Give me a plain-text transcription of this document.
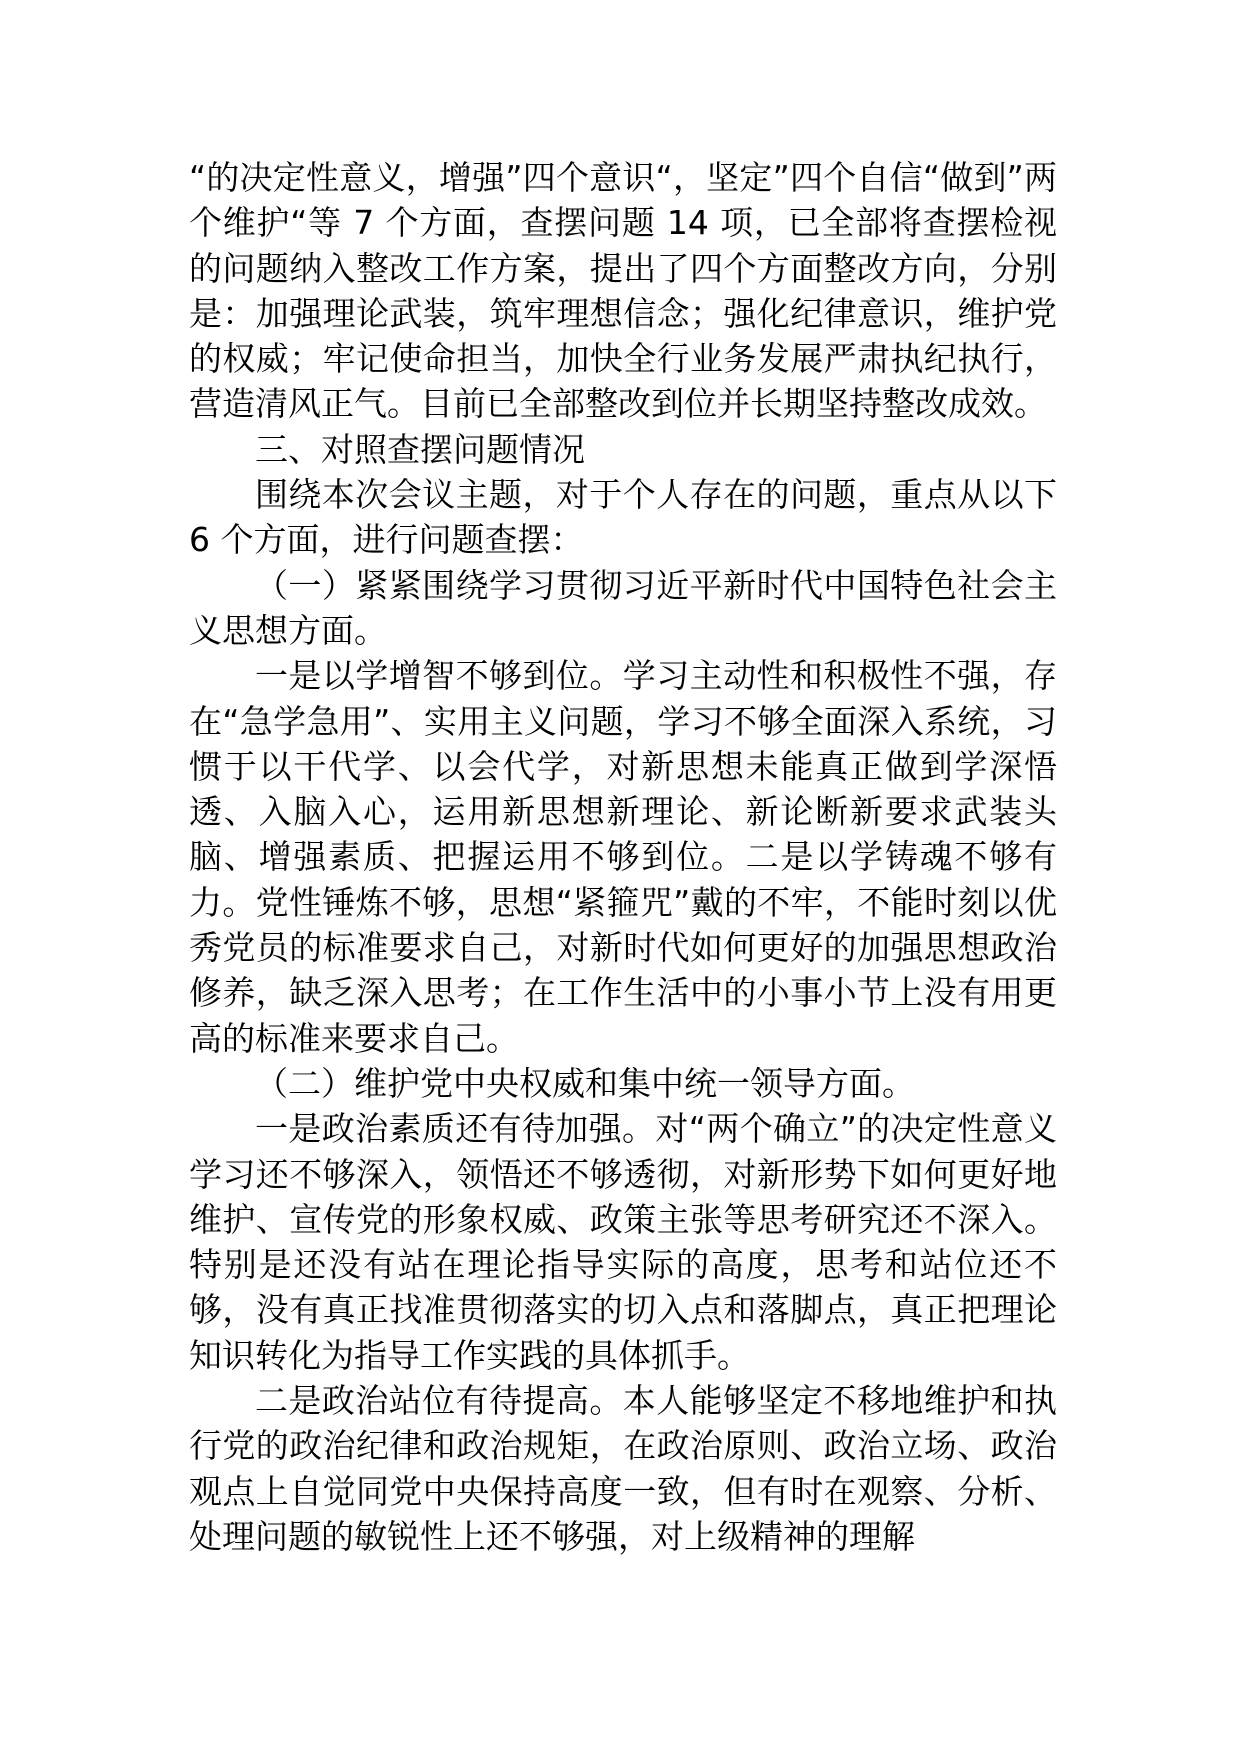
“的决定性意义，增强”四个意识“，坚定”四个自信“做到”两个维护“等 7 个方面，查摆问题 14 项，已全部将查摆检视的问题纳入整改工作方案，提出了四个方面整改方向，分别是：加强理论武装，筑牢理想信念；强化纪律意识，维护党的权威；牢记使命担当，加快全行业务发展严肃执纪执行，营造清风正气。目前已全部整改到位并长期坚持整改成效。

三、对照查摆问题情况

围绕本次会议主题，对于个人存在的问题，重点从以下 6 个方面，进行问题查摆：

（一）紧紧围绕学习贯彻习近平新时代中国特色社会主义思想方面。

一是以学增智不够到位。学习主动性和积极性不强，存在“急学急用”、实用主义问题，学习不够全面深入系统，习惯于以干代学、以会代学，对新思想未能真正做到学深悟透、入脑入心，运用新思想新理论、新论断新要求武装头脑、增强素质、把握运用不够到位。二是以学铸魂不够有力。党性锤炼不够，思想“紧箍咒”戴的不牢，不能时刻以优秀党员的标准要求自己，对新时代如何更好的加强思想政治修养，缺乏深入思考；在工作生活中的小事小节上没有用更高的标准来要求自己。

（二）维护党中央权威和集中统一领导方面。

一是政治素质还有待加强。对“两个确立”的决定性意义学习还不够深入，领悟还不够透彻，对新形势下如何更好地维护、宣传党的形象权威、政策主张等思考研究还不深入。特别是还没有站在理论指导实际的高度，思考和站位还不够，没有真正找准贯彻落实的切入点和落脚点，真正把理论知识转化为指导工作实践的具体抓手。

二是政治站位有待提高。本人能够坚定不移地维护和执行党的政治纪律和政治规矩，在政治原则、政治立场、政治观点上自觉同党中央保持高度一致，但有时在观察、分析、处理问题的敏锐性上还不够强，对上级精神的理解
